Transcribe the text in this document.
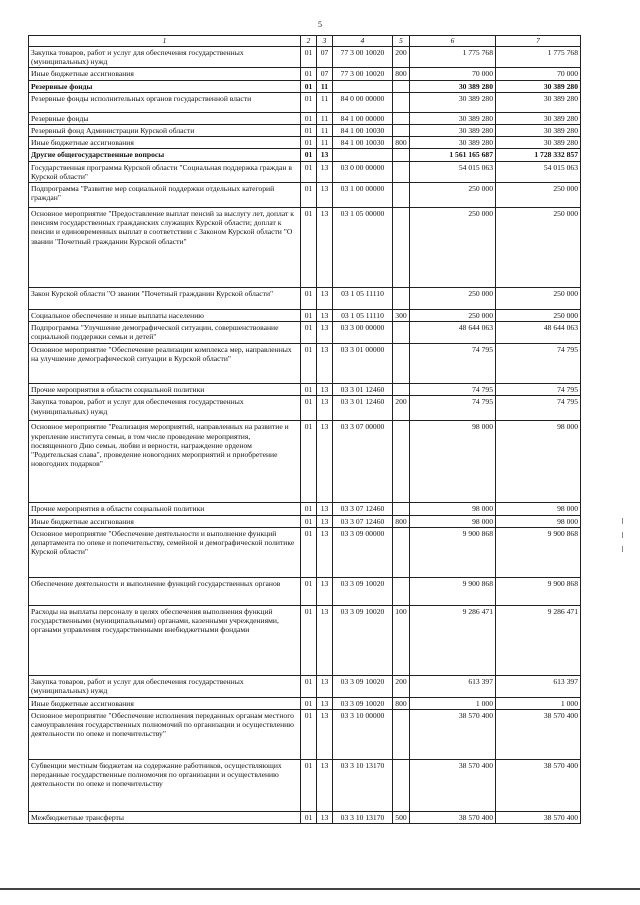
5
1	2	3	4	5	6	7
Закупка товаров, работ и услуг для обеспечения государственных (муниципальных) нужд	01	07	77 3 00 10020	200	1 775 768	1 775 768
Иные бюджетные ассигнования	01	07	77 3 00 10020	800	70 000	70 000
Резервные фонды	01	11			30 389 280	30 389 280
Резервные фонды исполнительных органов государственной власти	01	11	84 0 00 00000		30 389 280	30 389 280
Резервные фонды	01	11	84 1 00 00000		30 389 280	30 389 280
Резервный фонд Администрации Курской области	01	11	84 1 00 10030		30 389 280	30 389 280
Иные бюджетные ассигнования	01	11	84 1 00 10030	800	30 389 280	30 389 280
Другие общегосударственные вопросы	01	13			1 561 165 687	1 728 332 857
Государственная программа Курской области "Социальная поддержка граждан в Курской области"	01	13	03 0 00 00000		54 015 063	54 015 063
Подпрограмма "Развитие мер социальной поддержки отдельных категорий граждан"	01	13	03 1 00 00000		250 000	250 000
Основное мероприятие "Предоставление выплат пенсий за выслугу лет, доплат к пенсиям государственных гражданских служащих Курской области; доплат к пенсии и единовременных выплат в соответствии с Законом Курской области "О звании "Почетный гражданин Курской области"	01	13	03 1 05 00000		250 000	250 000
Закон Курской области "О звании "Почетный гражданин Курской области"	01	13	03 1 05 11110		250 000	250 000
Социальное обеспечение и иные выплаты населению	01	13	03 1 05 11110	300	250 000	250 000
Подпрограмма "Улучшение демографической ситуации, совершенствование социальной поддержки семьи и детей"	01	13	03 3 00 00000		48 644 063	48 644 063
Основное мероприятие "Обеспечение реализации комплекса мер, направленных на улучшение демографической ситуации в Курской области"	01	13	03 3 01 00000		74 795	74 795
Прочие мероприятия в области социальной политики	01	13	03 3 01 12460		74 795	74 795
Закупка товаров, работ и услуг для обеспечения государственных (муниципальных) нужд	01	13	03 3 01 12460	200	74 795	74 795
Основное мероприятие "Реализация мероприятий, направленных на развитие и укрепление института семьи, в том числе проведение мероприятия, посвященного Дню семьи, любви и верности, награждение орденом "Родительская слава", проведение новогодних мероприятий и приобретение новогодних подарков"	01	13	03 3 07 00000		98 000	98 000
Прочие мероприятия в области социальной политики	01	13	03 3 07 12460		98 000	98 000
Иные бюджетные ассигнования	01	13	03 3 07 12460	800	98 000	98 000
Основное мероприятие "Обеспечение деятельности и выполнение функций департамента по опеке и попечительству, семейной и демографической политике Курской области"	01	13	03 3 09 00000		9 900 868	9 900 868
Обеспечение деятельности и выполнение функций государственных органов	01	13	03 3 09 10020		9 900 868	9 900 868
Расходы на выплаты персоналу в целях обеспечения выполнения функций государственными (муниципальными) органами, казенными учреждениями, органами управления государственными внебюджетными фондами	01	13	03 3 09 10020	100	9 286 471	9 286 471
Закупка товаров, работ и услуг для обеспечения государственных (муниципальных) нужд	01	13	03 3 09 10020	200	613 397	613 397
Иные бюджетные ассигнования	01	13	03 3 09 10020	800	1 000	1 000
Основное мероприятие "Обеспечение исполнения переданных органам местного самоуправления государственных полномочий по организации и осуществлению деятельности по опеке и попечительству"	01	13	03 3 10 00000		38 570 400	38 570 400
Субвенции местным бюджетам на содержание работников, осуществляющих переданные государственные полномочия по организации и осуществлению деятельности по опеке и попечительству	01	13	03 3 10 13170		38 570 400	38 570 400
Межбюджетные трансферты	01	13	03 3 10 13170	500	38 570 400	38 570 400
